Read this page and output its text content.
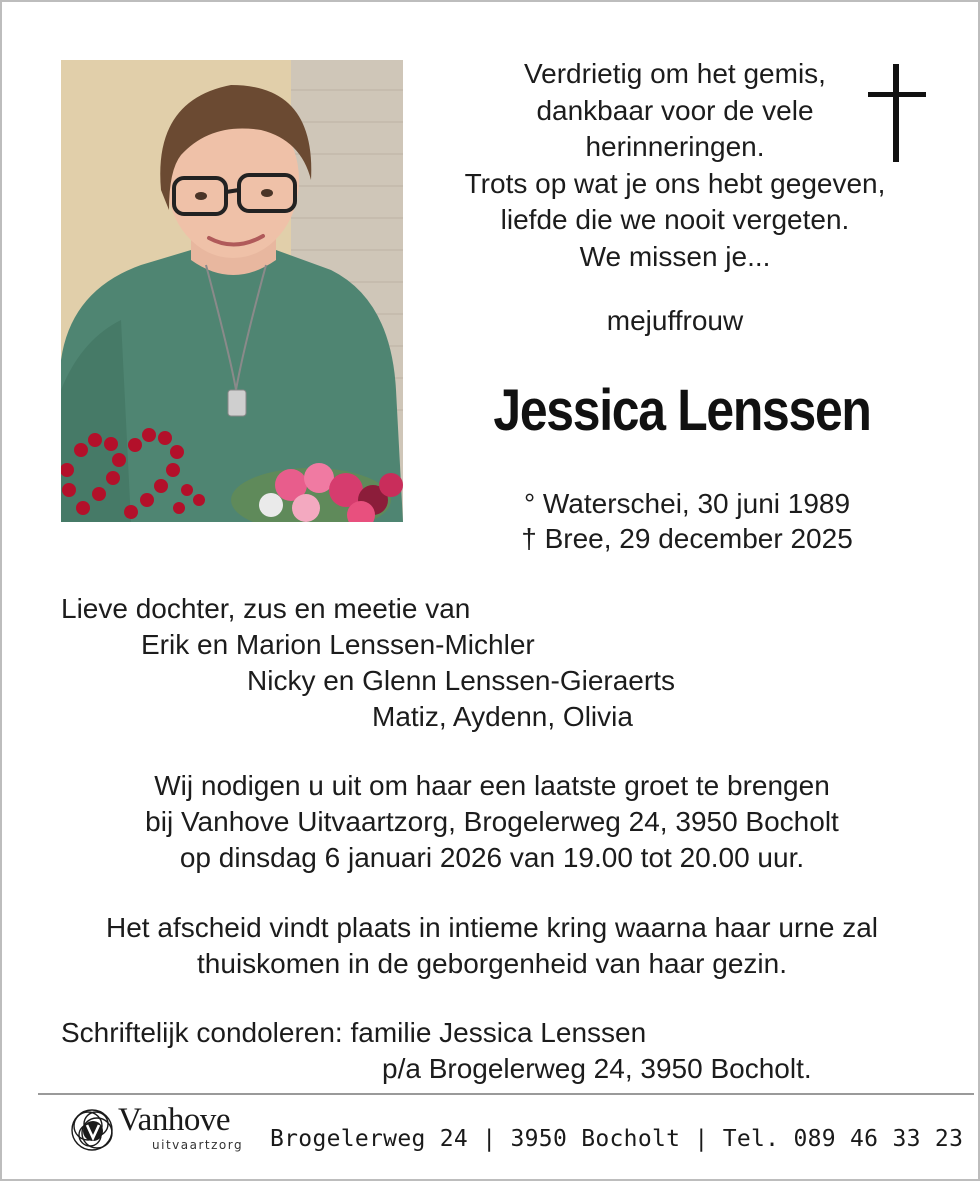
Verdrietig om het gemis,
dankbaar voor de vele
herinneringen.
Trots op wat je ons hebt gegeven,
liefde die we nooit vergeten.
We missen je...
mejuffrouw
Jessica Lenssen
° Waterschei, 30 juni 1989
† Bree, 29 december 2025
Lieve dochter, zus en meetie van
Erik en Marion Lenssen-Michler
Nicky en Glenn Lenssen-Gieraerts
Matiz, Aydenn, Olivia
Wij nodigen u uit om haar een laatste groet te brengen
bij Vanhove Uitvaartzorg, Brogelerweg 24, 3950 Bocholt
op dinsdag 6 januari 2026 van 19.00 tot 20.00 uur.
Het afscheid vindt plaats in intieme kring waarna haar urne zal
thuiskomen in de geborgenheid van haar gezin.
Schriftelijk condoleren: familie Jessica Lenssen
p/a Brogelerweg 24, 3950 Bocholt.
Vanhove
uitvaartzorg Brogelerweg 24 | 3950 Bocholt | Tel. 089 46 33 23
